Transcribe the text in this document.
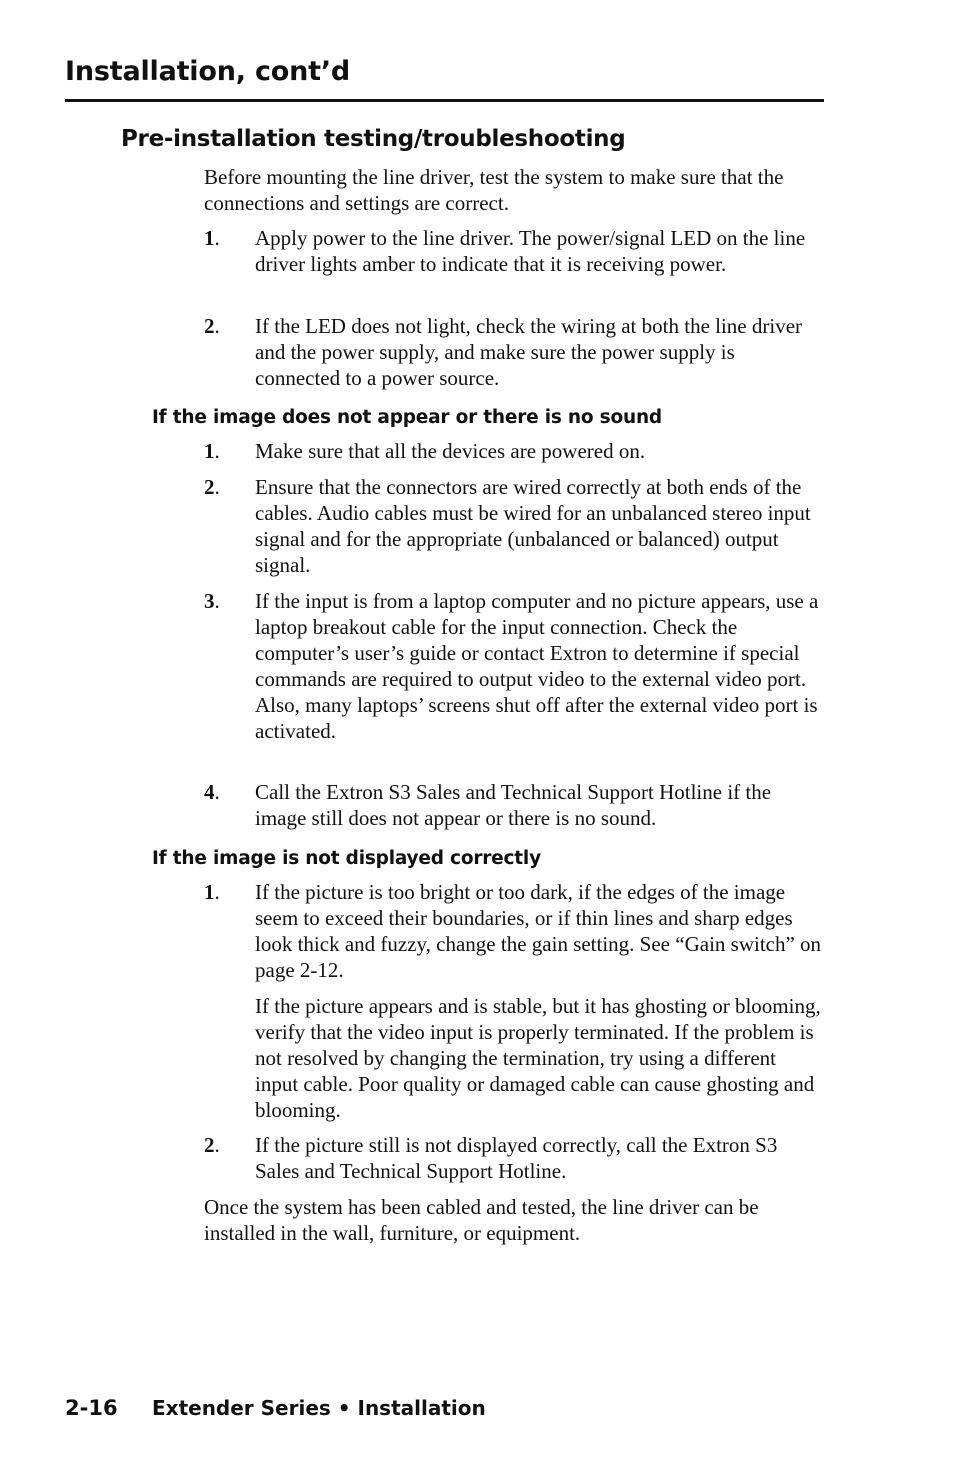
Installation, cont’d
Pre-installation testing/troubleshooting
Before mounting the line driver, test the system to make sure that the connections and settings are correct.
1.	Apply power to the line driver. The power/signal LED on the line driver lights amber to indicate that it is receiving power.
2.	If the LED does not light, check the wiring at both the line driver and the power supply, and make sure the power supply is connected to a power source.
If the image does not appear or there is no sound
1.	Make sure that all the devices are powered on.
2.	Ensure that the connectors are wired correctly at both ends of the cables. Audio cables must be wired for an unbalanced stereo input signal and for the appropriate (unbalanced or balanced) output signal.
3.	If the input is from a laptop computer and no picture appears, use a laptop breakout cable for the input connection. Check the computer’s user’s guide or contact Extron to determine if special commands are required to output video to the external video port. Also, many laptops’ screens shut off after the external video port is activated.
4.	Call the Extron S3 Sales and Technical Support Hotline if the image still does not appear or there is no sound.
If the image is not displayed correctly
1.	If the picture is too bright or too dark, if the edges of the image seem to exceed their boundaries, or if thin lines and sharp edges look thick and fuzzy, change the gain setting. See “Gain switch” on page 2-12.
If the picture appears and is stable, but it has ghosting or blooming, verify that the video input is properly terminated. If the problem is not resolved by changing the termination, try using a different input cable. Poor quality or damaged cable can cause ghosting and blooming.
2.	If the picture still is not displayed correctly, call the Extron S3 Sales and Technical Support Hotline.
Once the system has been cabled and tested, the line driver can be installed in the wall, furniture, or equipment.
2-16 Extender Series • Installation
